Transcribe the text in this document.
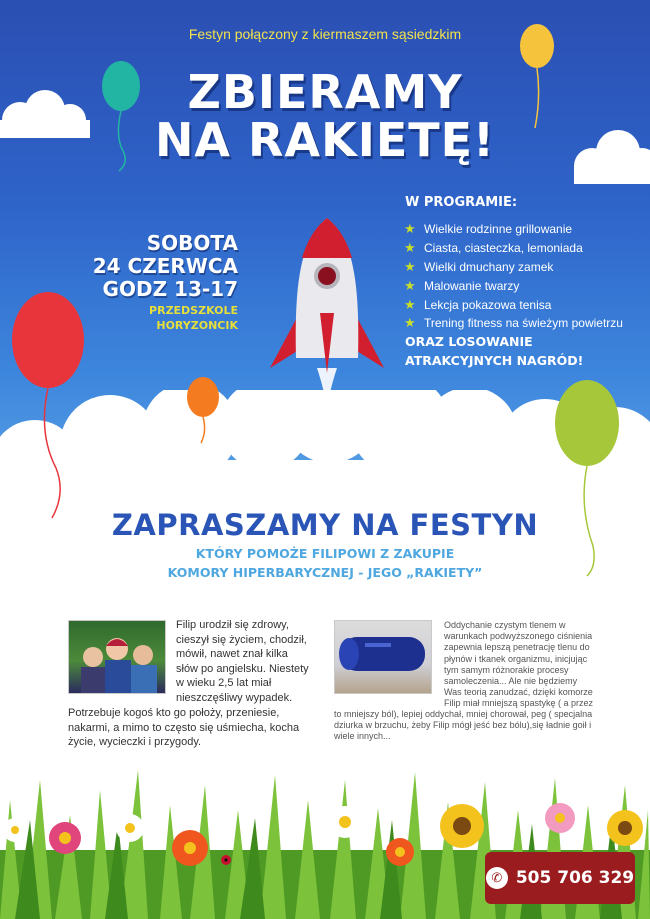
Festyn połączony z kiermaszem sąsiedzkim
ZBIERAMY
NA RAKIETĘ!
SOBOTA
24 CZERWCA
GODZ 13-17
PRZEDSZKOLE
HORYZONCIK
W PROGRAMIE:
★ Wielkie rodzinne grillowanie
★ Ciasta, ciasteczka, lemoniada
★ Wielki dmuchany zamek
★ Malowanie twarzy
★ Lekcja pokazowa tenisa
★ Trening fitness na świeżym powietrzu
ORAZ LOSOWANIE
ATRAKCYJNYCH NAGRÓD!
ZAPRASZAMY NA FESTYN
KTÓRY POMOŻE FILIPOWI Z ZAKUPIE
KOMORY HIPERBARYCZNEJ - JEGO „RAKIETY”
Filip urodził się zdrowy,
cieszył się życiem, chodził,
mówił, nawet znał kilka
słów po angielsku. Niestety
w wieku 2,5 lat miał
nieszczęśliwy wypadek.
Potrzebuje kogoś kto go położy, przeniesie,
nakarmi, a mimo to często się uśmiecha, kocha
życie, wycieczki i przygody.
Oddychanie czystym tlenem w
warunkach podwyższonego ciśnienia
zapewnia lepszą penetrację tlenu do
płynów i tkanek organizmu, inicjując
tym samym różnorakie procesy
samoleczenia... Ale nie będziemy
Was teorią zanudzać, dzięki komorze
Filip miał mniejszą spastykę ( a przez
to mniejszy ból), lepiej oddychał, mniej chorował, peg ( specjalna
dziurka w brzuchu, żeby Filip mógł jeść bez bólu),się ładnie goił i
wiele innych...
✆ 505 706 329
